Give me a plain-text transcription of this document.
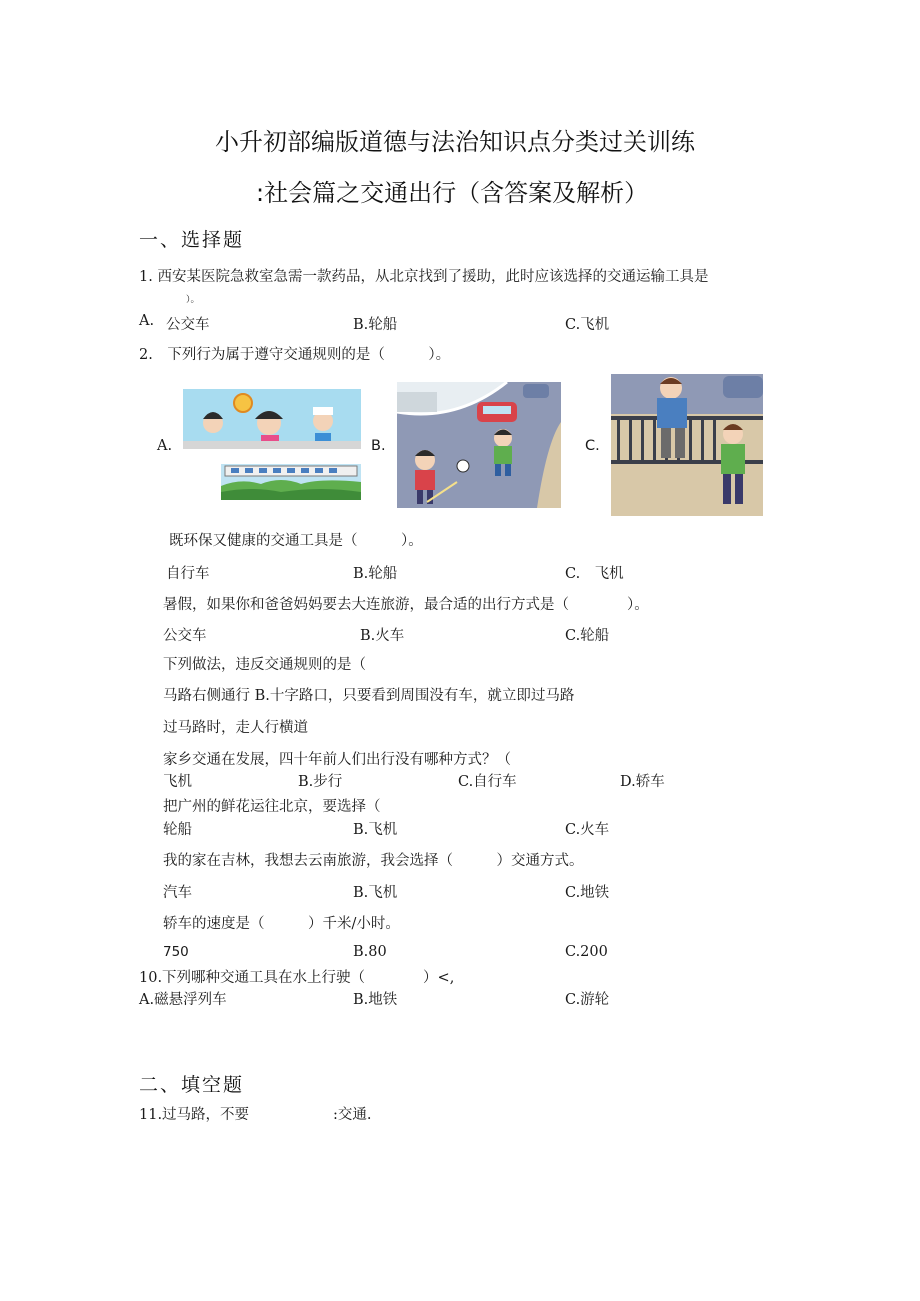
小升初部编版道德与法治知识点分类过关训练
:社会篇之交通出行（含答案及解析）
一、选择题
1. 西安某医院急救室急需一款药品，从北京找到了援助，此时应该选择的交通运输工具是
）。
A. 公交车	B.轮船	C.飞机
2.　下列行为属于遵守交通规则的是（　　　）。
A.	B.	C.
既环保又健康的交通工具是（　　　）。
自行车	B.轮船	C.　飞机
暑假，如果你和爸爸妈妈要去大连旅游，最合适的出行方式是（　　　　）。
公交车	B.火车	C.轮船
下列做法，违反交通规则的是（
马路右侧通行 B.十字路口，只要看到周围没有车，就立即过马路
过马路时，走人行横道
家乡交通在发展，四十年前人们出行没有哪种方式？（
飞机	B.步行	C.自行车	D.轿车
把广州的鲜花运往北京，要选择（
轮船	B.飞机	C.火车
我的家在吉林，我想去云南旅游，我会选择（　　　）交通方式。
汽车	B.飞机	C.地铁
轿车的速度是（　　　）千米/小时。
750	B.80	C.200
10.下列哪种交通工具在水上行驶（　　　　）<,
A.磁悬浮列车	B.地铁	C.游轮
二、填空题
11.过马路，不要	:交通.
